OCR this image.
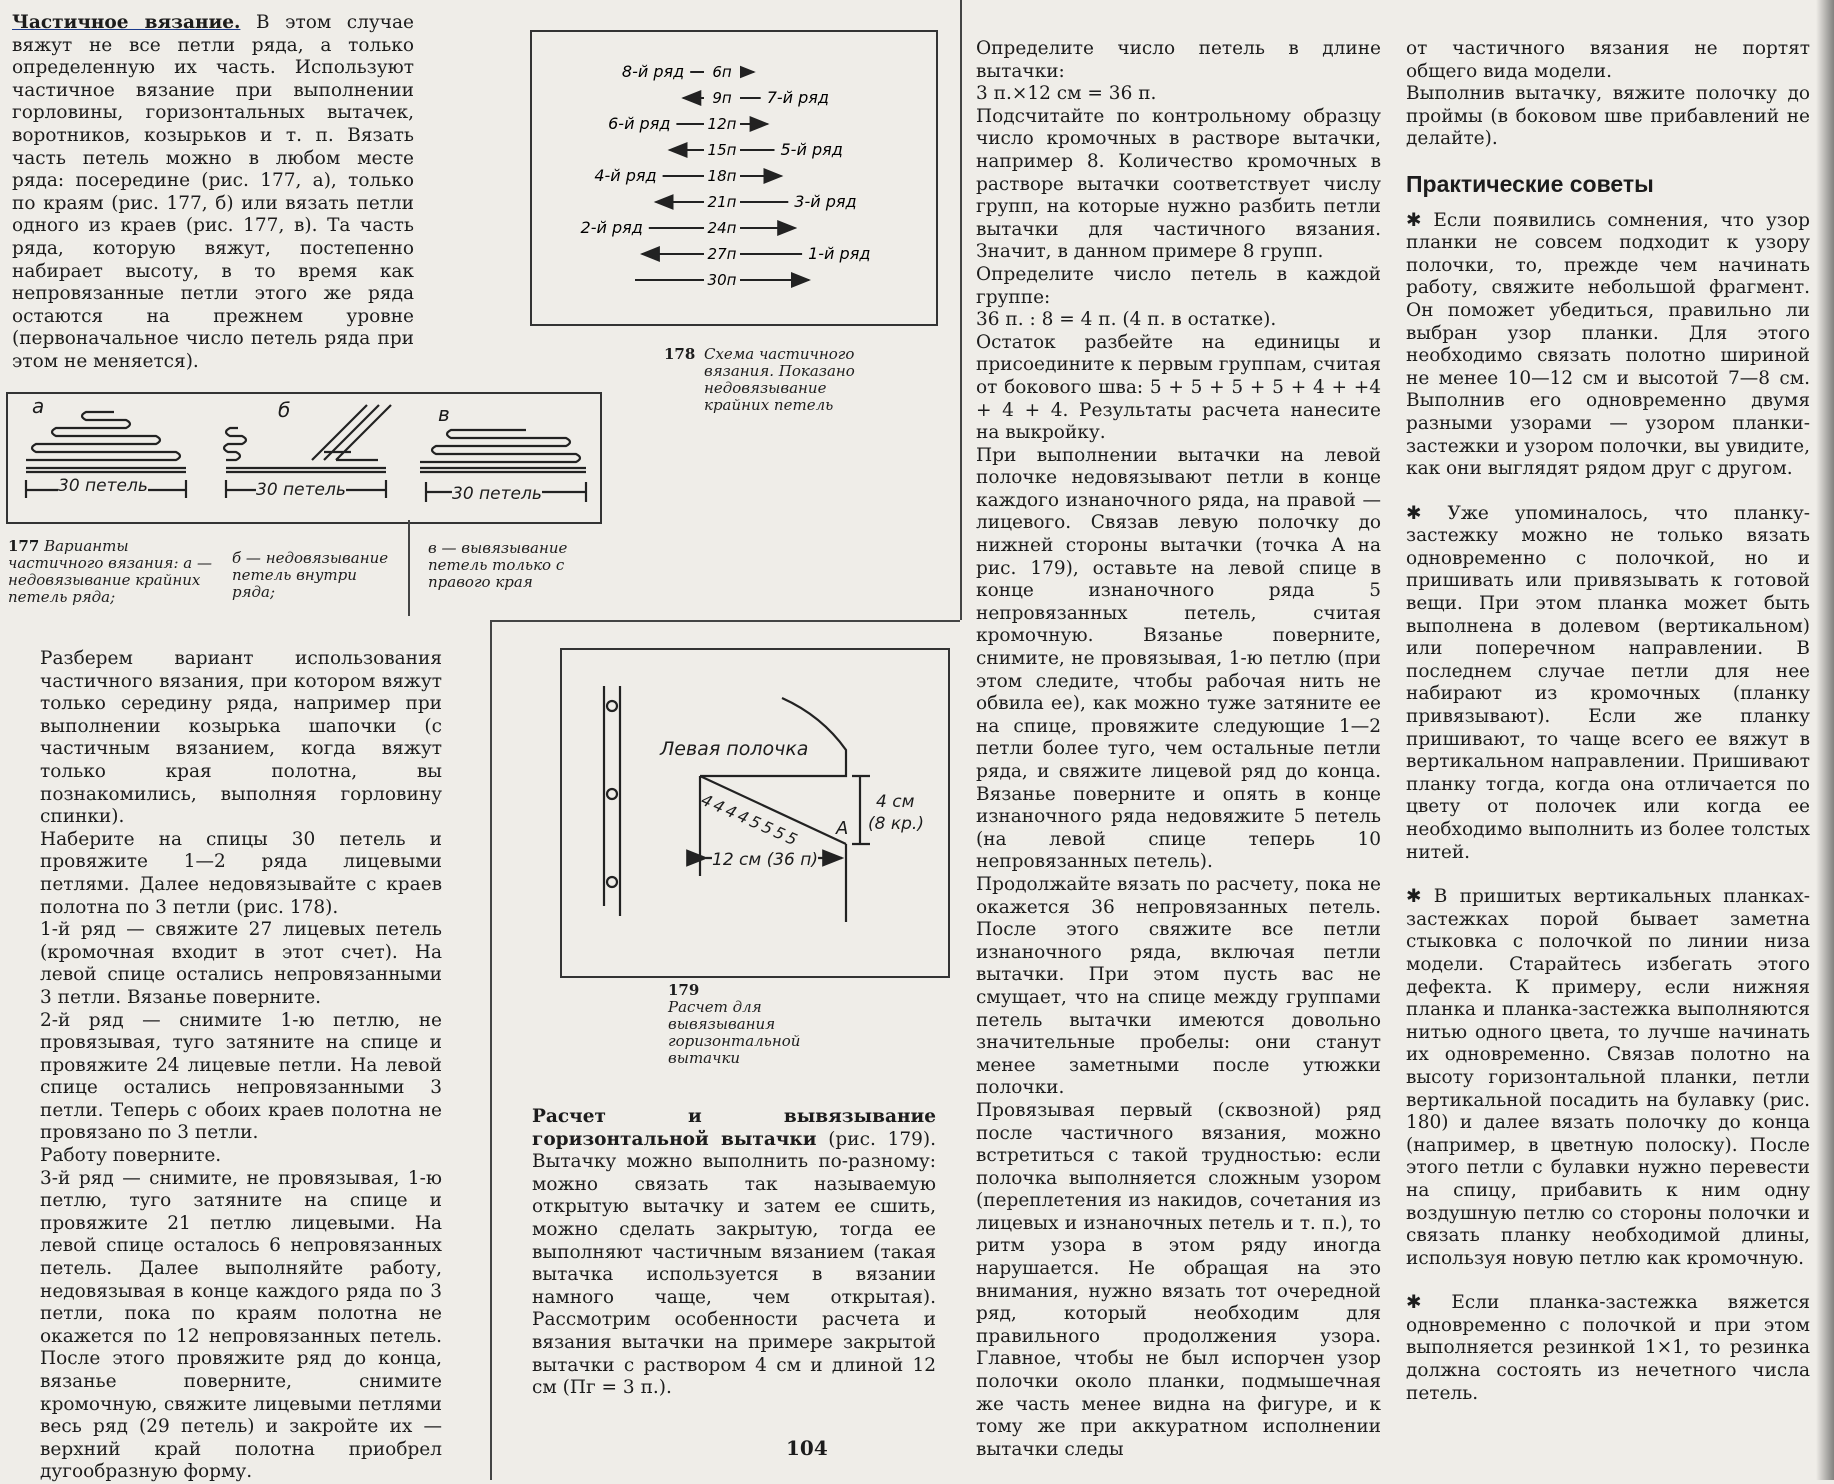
Частичное вязание. В этом случае вяжут не все петли ряда, а только определенную их часть. Используют частичное вязание при выполнении горловины, горизонтальных вытачек, воротников, козырьков и т. п. Вязать часть петель можно в любом месте ряда: посередине (рис. 177, а), только по краям (рис. 177, б) или вязать петли одного из краев (рис. 177, в). Та часть ряда, которую вяжут, постепенно набирает высоту, в то время как непровязанные петли этого же ряда остаются на прежнем уровне (первоначальное число петель ряда при этом не меняется).

а	б	в
30 петель	30 петель	30 петель
177 Варианты частичного вязания: а — недовязывание крайних петель ряда;
б — недовязывание петель внутри ряда;
в — вывязывание петель только с правого края
6п
8-й ряд
9п 7-й ряд
12п
6-й ряд
15п	5-й ряд
18п
4-й ряд
21п	3-й ряд
24п
2-й ряд
27п	1-й ряд
30п
178 Схема частичного вязания. Показано недовязывание крайних петель
Левая полочка
4 4 4 4 5 5 5 5 A
4 см
(8 кр.)
12 см (36 п)
179
Расчет для вывязывания горизонтальной вытачки

Разберем вариант использования частичного вязания, при котором вяжут только середину ряда, например при выполнении козырька шапочки (с частичным вязанием, когда вяжут только края полотна, вы познакомились, выполняя горловину спинки).

Наберите на спицы 30 петель и провяжите 1—2 ряда лицевыми петлями. Далее недовязывайте с краев полотна по 3 петли (рис. 178).

1-й ряд — свяжите 27 лицевых петель (кромочная входит в этот счет). На левой спице остались непровязанными 3 петли. Вязанье поверните.

2-й ряд — снимите 1-ю петлю, не провязывая, туго затяните на спице и провяжите 24 лицевые петли. На левой спице остались непровязанными 3 петли. Теперь с обоих краев полотна не провязано по 3 петли.

Работу поверните.

3-й ряд — снимите, не провязывая, 1-ю петлю, туго затяните на спице и провяжите 21 петлю лицевыми. На левой спице осталось 6 непровязанных петель. Далее выполняйте работу, недовязывая в конце каждого ряда по 3 петли, пока по краям полотна не окажется по 12 непровязанных петель. После этого провяжите ряд до конца, вязанье поверните, снимите кромочную, свяжите лицевыми петлями весь ряд (29 петель) и закройте их — верхний край полотна приобрел дугообразную форму.

Расчет и вывязывание горизонтальной вытачки (рис. 179). Вытачку можно выполнить по-разному: можно связать так называемую открытую вытачку и затем ее сшить, можно сделать закрытую, тогда ее выполняют частичным вязанием (такая вытачка используется в вязании намного чаще, чем открытая). Рассмотрим особенности расчета и вязания вытачки на примере закрытой вытачки с раствором 4 см и длиной 12 см (Пг = 3 п.).

104

Определите число петель в длине вытачки:

3 п.×12 см = 36 п.

Подсчитайте по контрольному образцу число кромочных в растворе вытачки, например 8. Количество кромочных в растворе вытачки соответствует числу групп, на которые нужно разбить петли вытачки для частичного вязания. Значит, в данном примере 8 групп.

Определите число петель в каждой группе:

36 п. : 8 = 4 п. (4 п. в остатке).

Остаток разбейте на единицы и присоедините к первым группам, считая от бокового шва: 5 + 5 + 5 + 5 + 4 + +4 + 4 + 4. Результаты расчета нанесите на выкройку.

При выполнении вытачки на левой полочке недовязывают петли в конце каждого изнаночного ряда, на правой — лицевого. Связав левую полочку до нижней стороны вытачки (точка А на рис. 179), оставьте на левой спице в конце изнаночного ряда 5 непровязанных петель, считая кромочную. Вязанье поверните, снимите, не провязывая, 1-ю петлю (при этом следите, чтобы рабочая нить не обвила ее), как можно туже затяните ее на спице, провяжите следующие 1—2 петли более туго, чем остальные петли ряда, и свяжите лицевой ряд до конца. Вязанье поверните и опять в конце изнаночного ряда недовяжите 5 петель (на левой спице теперь 10 непровязанных петель).

Продолжайте вязать по расчету, пока не окажется 36 непровязанных петель. После этого свяжите все петли изнаночного ряда, включая петли вытачки. При этом пусть вас не смущает, что на спице между группами петель вытачки имеются довольно значительные пробелы: они станут менее заметными после утюжки полочки.

Провязывая первый (сквозной) ряд после частичного вязания, можно встретиться с такой трудностью: если полочка выполняется сложным узором (переплетения из накидов, сочетания из лицевых и изнаночных петель и т. п.), то ритм узора в этом ряду иногда нарушается. Не обращая на это внимания, нужно вязать тот очередной ряд, который необходим для правильного продолжения узора. Главное, чтобы не был испорчен узор полочки около планки, подмышечная же часть менее видна на фигуре, и к тому же при аккуратном исполнении вытачки следы

от частичного вязания не портят общего вида модели.

Выполнив вытачку, вяжите полочку до проймы (в боковом шве прибавлений не делайте).

Практические советы

✱ Если появились сомнения, что узор планки не совсем подходит к узору полочки, то, прежде чем начинать работу, свяжите небольшой фрагмент. Он поможет убедиться, правильно ли выбран узор планки. Для этого необходимо связать полотно шириной не менее 10—12 см и высотой 7—8 см. Выполнив его одновременно двумя разными узорами — узором планки-застежки и узором полочки, вы увидите, как они выглядят рядом друг с другом.

✱ Уже упоминалось, что планку-застежку можно не только вязать одновременно с полочкой, но и пришивать или привязывать к готовой вещи. При этом планка может быть выполнена в долевом (вертикальном) или поперечном направлении. В последнем случае петли для нее набирают из кромочных (планку привязывают). Если же планку пришивают, то чаще всего ее вяжут в вертикальном направлении. Пришивают планку тогда, когда она отличается по цвету от полочек или когда ее необходимо выполнить из более толстых нитей.

✱ В пришитых вертикальных планках-застежках порой бывает заметна стыковка с полочкой по линии низа модели. Старайтесь избегать этого дефекта. К примеру, если нижняя планка и планка-застежка выполняются нитью одного цвета, то лучше начинать их одновременно. Связав полотно на высоту горизонтальной планки, петли вертикальной посадить на булавку (рис. 180) и далее вязать полочку до конца (например, в цветную полоску). После этого петли с булавки нужно перевести на спицу, прибавить к ним одну воздушную петлю со стороны полочки и связать планку необходимой длины, используя новую петлю как кромочную.

✱ Если планка-застежка вяжется одновременно с полочкой и при этом выполняется резинкой 1×1, то резинка должна состоять из нечетного числа петель.
